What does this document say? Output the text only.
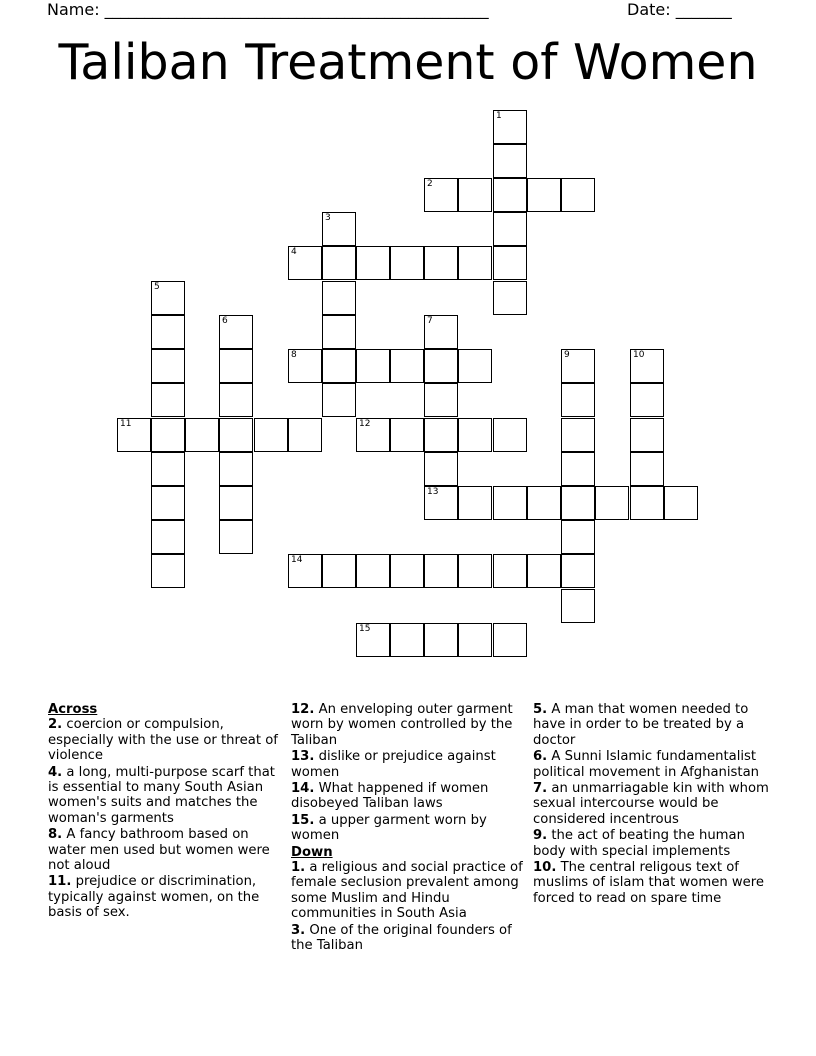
Name: ________________________________________________	Date: _______
Taliban Treatment of Women
1
2
3
4
5
6	7
8	9	10
11	12
13
14
15
Across
2. coercion or compulsion, especially with the use or threat of violence
4. a long, multi-purpose scarf that is essential to many South Asian women's suits and matches the woman's garments
8. A fancy bathroom based on water men used but women were not aloud
11. prejudice or discrimination, typically against women, on the basis of sex.
12. An enveloping outer garment worn by women controlled by the Taliban
13. dislike or prejudice against women
14. What happened if women disobeyed Taliban laws
15. a upper garment worn by women
Down
1. a religious and social practice of female seclusion prevalent among some Muslim and Hindu communities in South Asia
3. One of the original founders of the Taliban
5. A man that women needed to have in order to be treated by a doctor
6. A Sunni Islamic fundamentalist political movement in Afghanistan
7. an unmarriagable kin with whom sexual intercourse would be considered incentrous
9. the act of beating the human body with special implements
10. The central religous text of muslims of islam that women were forced to read on spare time
